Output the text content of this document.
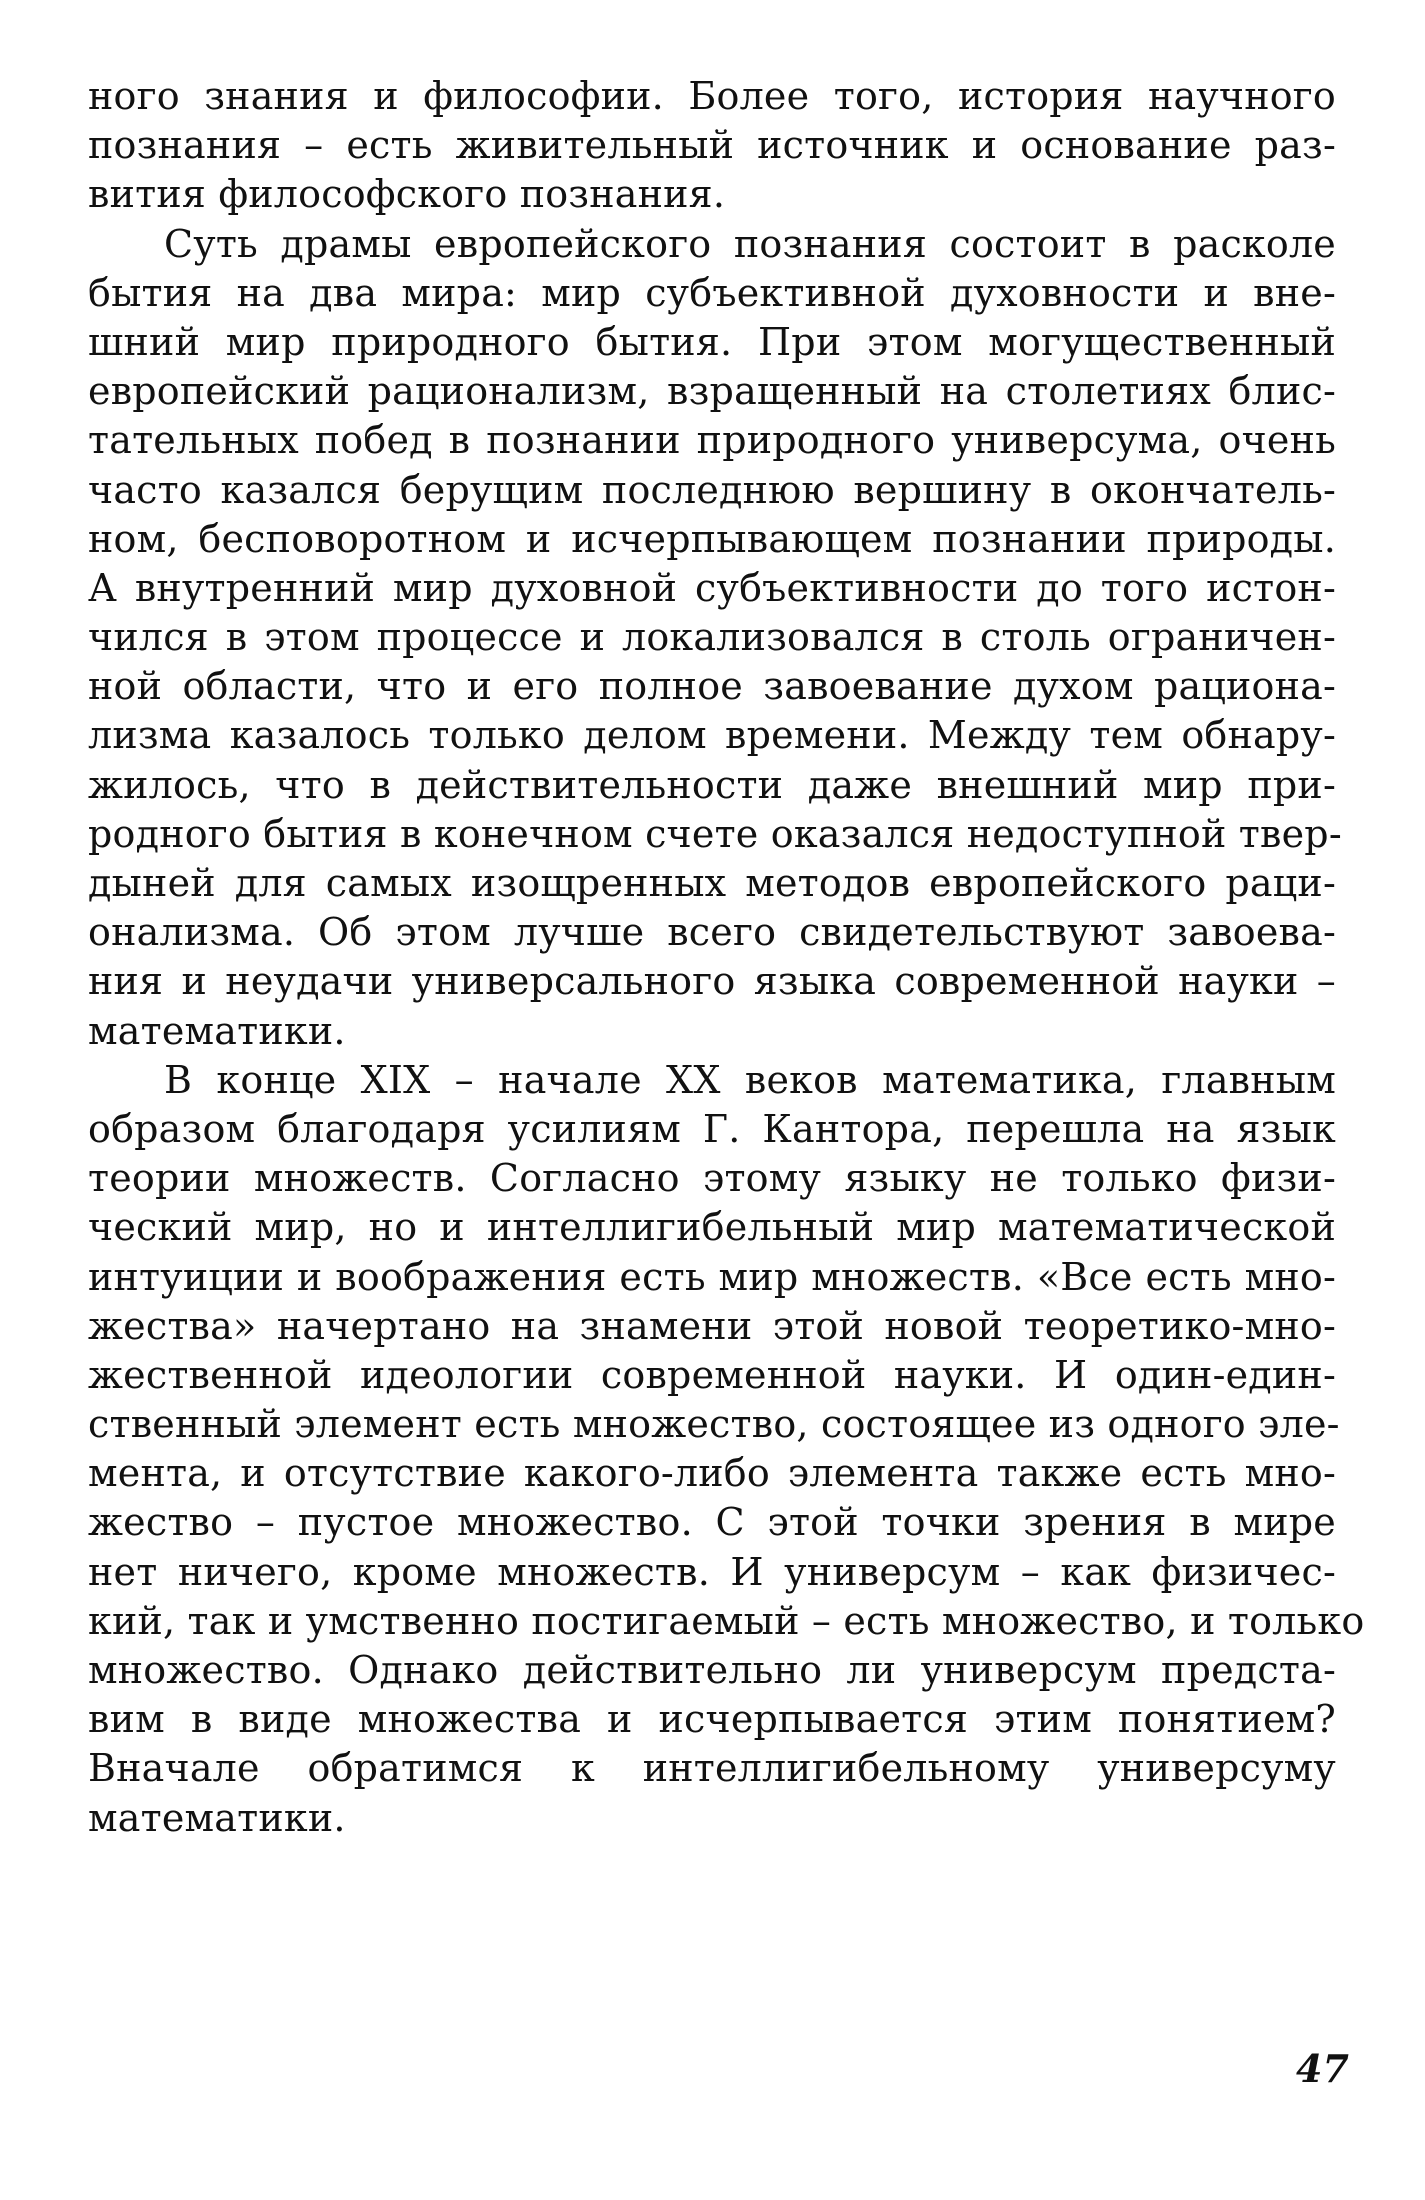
ного знания и философии. Более того, история научного
познания – есть живительный источник и основание раз-
вития философского познания.
Суть драмы европейского познания состоит в расколе
бытия на два мира: мир субъективной духовности и вне-
шний мир природного бытия. При этом могущественный
европейский рационализм, взращенный на столетиях блис-
тательных побед в познании природного универсума, очень
часто казался берущим последнюю вершину в окончатель-
ном, бесповоротном и исчерпывающем познании природы.
А внутренний мир духовной субъективности до того истон-
чился в этом процессе и локализовался в столь ограничен-
ной области, что и его полное завоевание духом рациона-
лизма казалось только делом времени. Между тем обнару-
жилось, что в действительности даже внешний мир при-
родного бытия в конечном счете оказался недоступной твер-
дыней для самых изощренных методов европейского раци-
онализма. Об этом лучше всего свидетельствуют завоева-
ния и неудачи универсального языка современной науки –
математики.
В конце XIX – начале XX веков математика, главным
образом благодаря усилиям Г. Кантора, перешла на язык
теории множеств. Согласно этому языку не только физи-
ческий мир, но и интеллигибельный мир математической
интуиции и воображения есть мир множеств. «Все есть мно-
жества» начертано на знамени этой новой теоретико-мно-
жественной идеологии современной науки. И один-един-
ственный элемент есть множество, состоящее из одного эле-
мента, и отсутствие какого-либо элемента также есть мно-
жество – пустое множество. С этой точки зрения в мире
нет ничего, кроме множеств. И универсум – как физичес-
кий, так и умственно постигаемый – есть множество, и только
множество. Однако действительно ли универсум предста-
вим в виде множества и исчерпывается этим понятием?
Вначале обратимся к интеллигибельному универсуму
математики.
47
